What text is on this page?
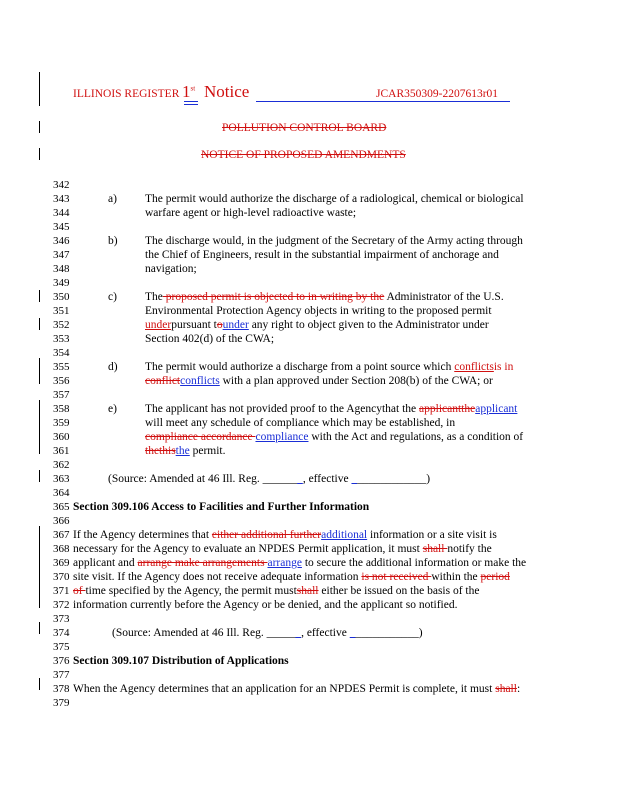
ILLINOIS REGISTER 1st Notice	JCAR350309-2207613r01
POLLUTION CONTROL BOARD
NOTICE OF PROPOSED AMENDMENTS
342
343
344
345
346
347
348
349
350
351
352
353
354
355
356
357
358
359
360
361
362
363
364
365
366
367
368
369
370
371
372
373
374
375
376
377
378
379
a) The permit would authorize the discharge of a radiological, chemical or biological
warfare agent or high-level radioactive waste;
b) The discharge would, in the judgment of the Secretary of the Army acting through
the Chief of Engineers, result in the substantial impairment of anchorage and
navigation;
c) The proposed permit is objected to in writing by the Administrator of the U.S.
Environmental Protection Agency objects in writing to the proposed permit
underpursuant tounder any right to object given to the Administrator under
Section 402(d) of the CWA;
d) The permit would authorize a discharge from a point source which conflictsis in
conflictconflicts with a plan approved under Section 208(b) of the CWA; or
e) The applicant has not provided proof to the Agencythat the applicanttheapplicant
will meet any schedule of compliance which may be established, in
compliance accordance compliance with the Act and regulations, as a condition of
thethisthe permit.
(Source: Amended at 46 Ill. Reg. ______ , effective ____________)
Section 309.106 Access to Facilities and Further Information
If the Agency determines that either additional furtheradditional information or a site visit is
necessary for the Agency to evaluate an NPDES Permit application, it must shall notify the
applicant and arrange make arrangements arrange to secure the additional information or make the
site visit. If the Agency does not receive adequate information is not received within the period
of time specified by the Agency, the permit mustshall either be issued on the basis of the
information currently before the Agency or be denied, and the applicant so notified.
(Source: Amended at 46 Ill. Reg. _____ , effective ___________)
Section 309.107 Distribution of Applications
When the Agency determines that an application for an NPDES Permit is complete, it must shall:
